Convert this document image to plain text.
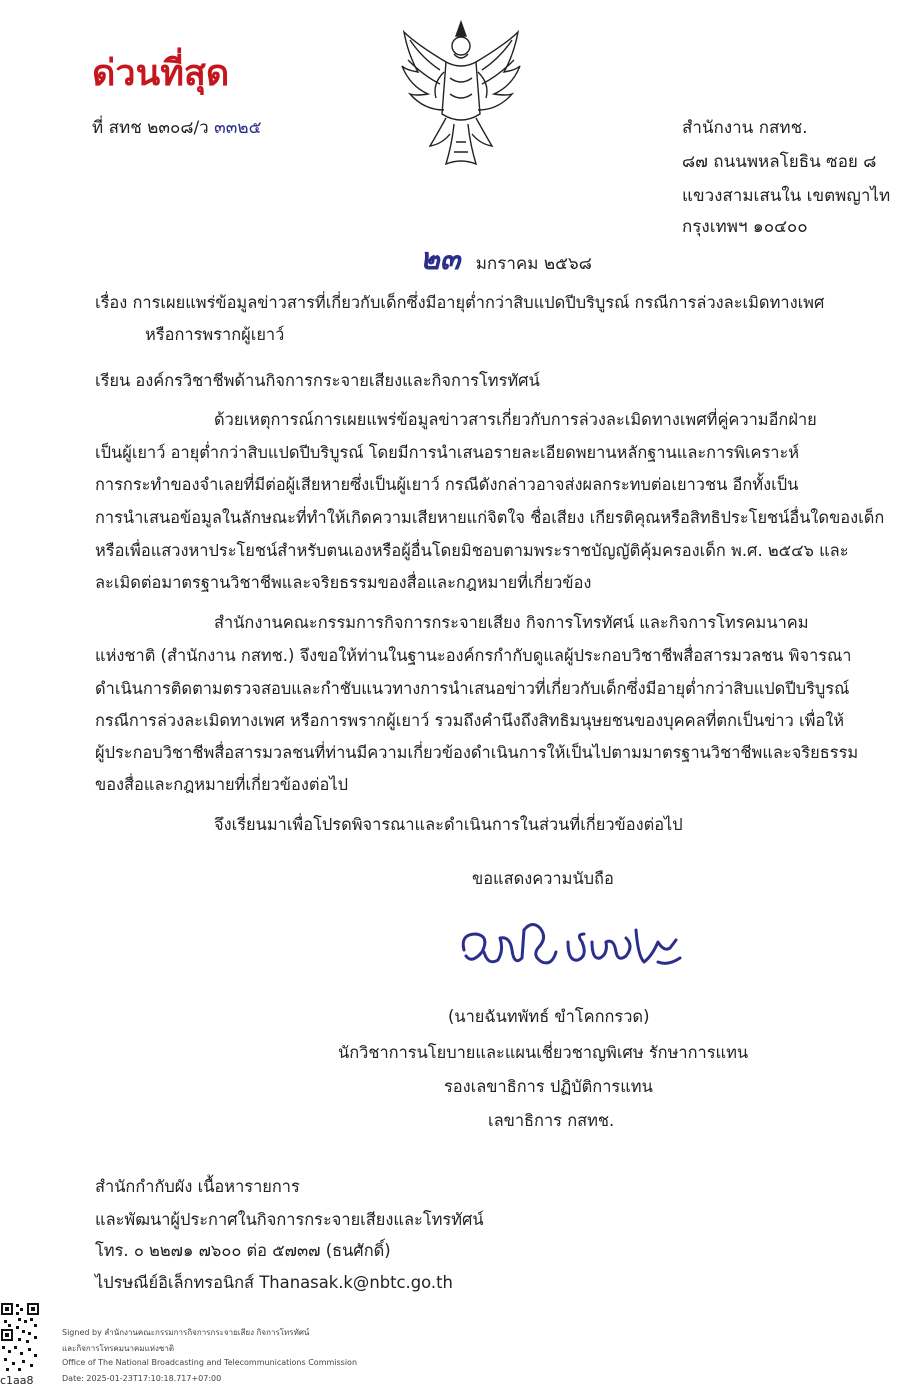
ด่วนที่สุด
ที่ สทช ๒๓๐๘/ว ๓๓๒๕	สำนักงาน กสทช.
๘๗ ถนนพหลโยธิน ซอย ๘
แขวงสามเสนใน เขตพญาไท
กรุงเทพฯ ๑๐๔๐๐
๒๓ มกราคม ๒๕๖๘
เรื่อง การเผยแพร่ข้อมูลข่าวสารที่เกี่ยวกับเด็กซึ่งมีอายุต่ำกว่าสิบแปดปีบริบูรณ์ กรณีการล่วงละเมิดทางเพศ
หรือการพรากผู้เยาว์
เรียน องค์กรวิชาชีพด้านกิจการกระจายเสียงและกิจการโทรทัศน์
ด้วยเหตุการณ์การเผยแพร่ข้อมูลข่าวสารเกี่ยวกับการล่วงละเมิดทางเพศที่คู่ความอีกฝ่าย
เป็นผู้เยาว์ อายุต่ำกว่าสิบแปดปีบริบูรณ์ โดยมีการนำเสนอรายละเอียดพยานหลักฐานและการพิเคราะห์
การกระทำของจำเลยที่มีต่อผู้เสียหายซึ่งเป็นผู้เยาว์ กรณีดังกล่าวอาจส่งผลกระทบต่อเยาวชน อีกทั้งเป็น
การนำเสนอข้อมูลในลักษณะที่ทำให้เกิดความเสียหายแก่จิตใจ ชื่อเสียง เกียรติคุณหรือสิทธิประโยชน์อื่นใดของเด็ก
หรือเพื่อแสวงหาประโยชน์สำหรับตนเองหรือผู้อื่นโดยมิชอบตามพระราชบัญญัติคุ้มครองเด็ก พ.ศ. ๒๕๔๖ และ
ละเมิดต่อมาตรฐานวิชาชีพและจริยธรรมของสื่อและกฎหมายที่เกี่ยวข้อง
สำนักงานคณะกรรมการกิจการกระจายเสียง กิจการโทรทัศน์ และกิจการโทรคมนาคม
แห่งชาติ (สำนักงาน กสทช.) จึงขอให้ท่านในฐานะองค์กรกำกับดูแลผู้ประกอบวิชาชีพสื่อสารมวลชน พิจารณา
ดำเนินการติดตามตรวจสอบและกำชับแนวทางการนำเสนอข่าวที่เกี่ยวกับเด็กซึ่งมีอายุต่ำกว่าสิบแปดปีบริบูรณ์
กรณีการล่วงละเมิดทางเพศ หรือการพรากผู้เยาว์ รวมถึงคำนึงถึงสิทธิมนุษยชนของบุคคลที่ตกเป็นข่าว เพื่อให้
ผู้ประกอบวิชาชีพสื่อสารมวลชนที่ท่านมีความเกี่ยวข้องดำเนินการให้เป็นไปตามมาตรฐานวิชาชีพและจริยธรรม
ของสื่อและกฎหมายที่เกี่ยวข้องต่อไป
จึงเรียนมาเพื่อโปรดพิจารณาและดำเนินการในส่วนที่เกี่ยวข้องต่อไป
ขอแสดงความนับถือ
(นายฉันทพัทธ์ ขำโคกกรวด)
นักวิชาการนโยบายและแผนเชี่ยวชาญพิเศษ รักษาการแทน
รองเลขาธิการ ปฏิบัติการแทน
เลขาธิการ กสทช.
สำนักกำกับผัง เนื้อหารายการ
และพัฒนาผู้ประกาศในกิจการกระจายเสียงและโทรทัศน์
โทร. ๐ ๒๒๗๑ ๗๖๐๐ ต่อ ๕๗๓๗ (ธนศักดิ์)
ไปรษณีย์อิเล็กทรอนิกส์ Thanasak.k@nbtc.go.th
c1aa8
Signed by สำนักงานคณะกรรมการกิจการกระจายเสียง กิจการโทรทัศน์
และกิจการโทรคมนาคมแห่งชาติ
Office of The National Broadcasting and Telecommunications Commission
Date: 2025-01-23T17:10:18.717+07:00
